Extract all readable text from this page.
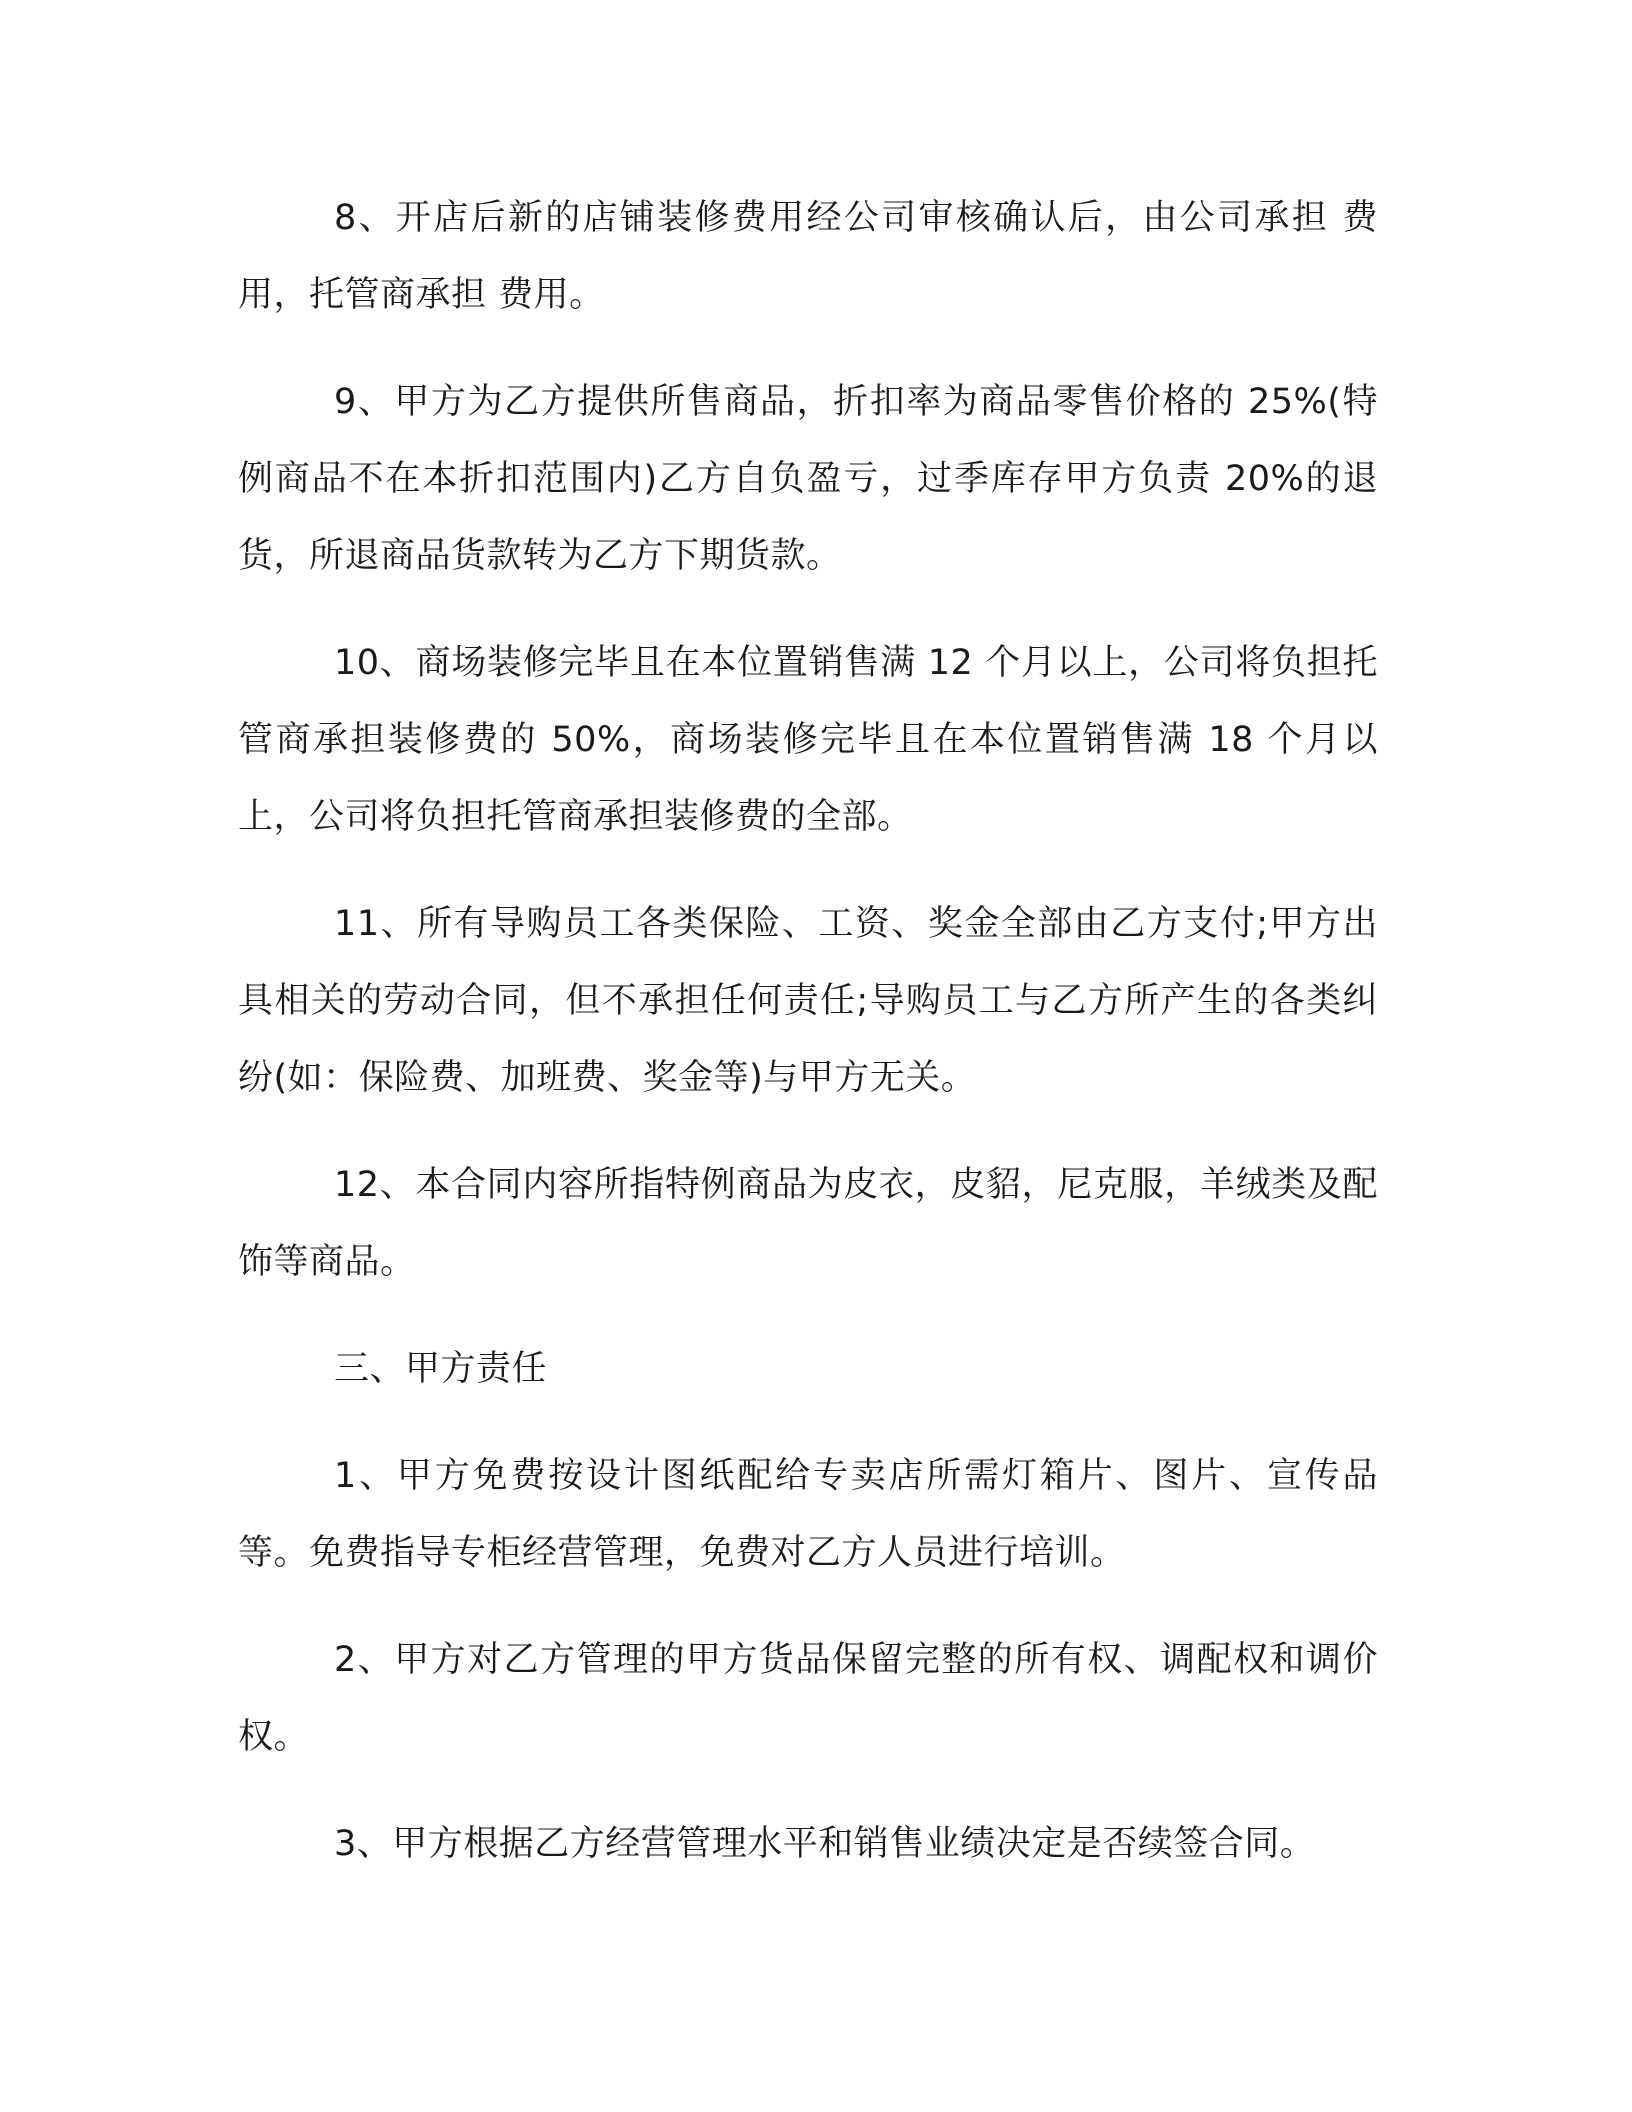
8、开店后新的店铺装修费用经公司审核确认后，由公司承担 费用，托管商承担 费用。

9、甲方为乙方提供所售商品，折扣率为商品零售价格的 25%(特例商品不在本折扣范围内)乙方自负盈亏，过季库存甲方负责 20%的退货，所退商品货款转为乙方下期货款。

10、商场装修完毕且在本位置销售满 12 个月以上，公司将负担托管商承担装修费的 50%，商场装修完毕且在本位置销售满 18 个月以上，公司将负担托管商承担装修费的全部。

11、所有导购员工各类保险、工资、奖金全部由乙方支付;甲方出具相关的劳动合同，但不承担任何责任;导购员工与乙方所产生的各类纠纷(如：保险费、加班费、奖金等)与甲方无关。

12、本合同内容所指特例商品为皮衣，皮貂，尼克服，羊绒类及配饰等商品。

三、甲方责任

1、甲方免费按设计图纸配给专卖店所需灯箱片、图片、宣传品等。免费指导专柜经营管理，免费对乙方人员进行培训。

2、甲方对乙方管理的甲方货品保留完整的所有权、调配权和调价权。

3、甲方根据乙方经营管理水平和销售业绩决定是否续签合同。
